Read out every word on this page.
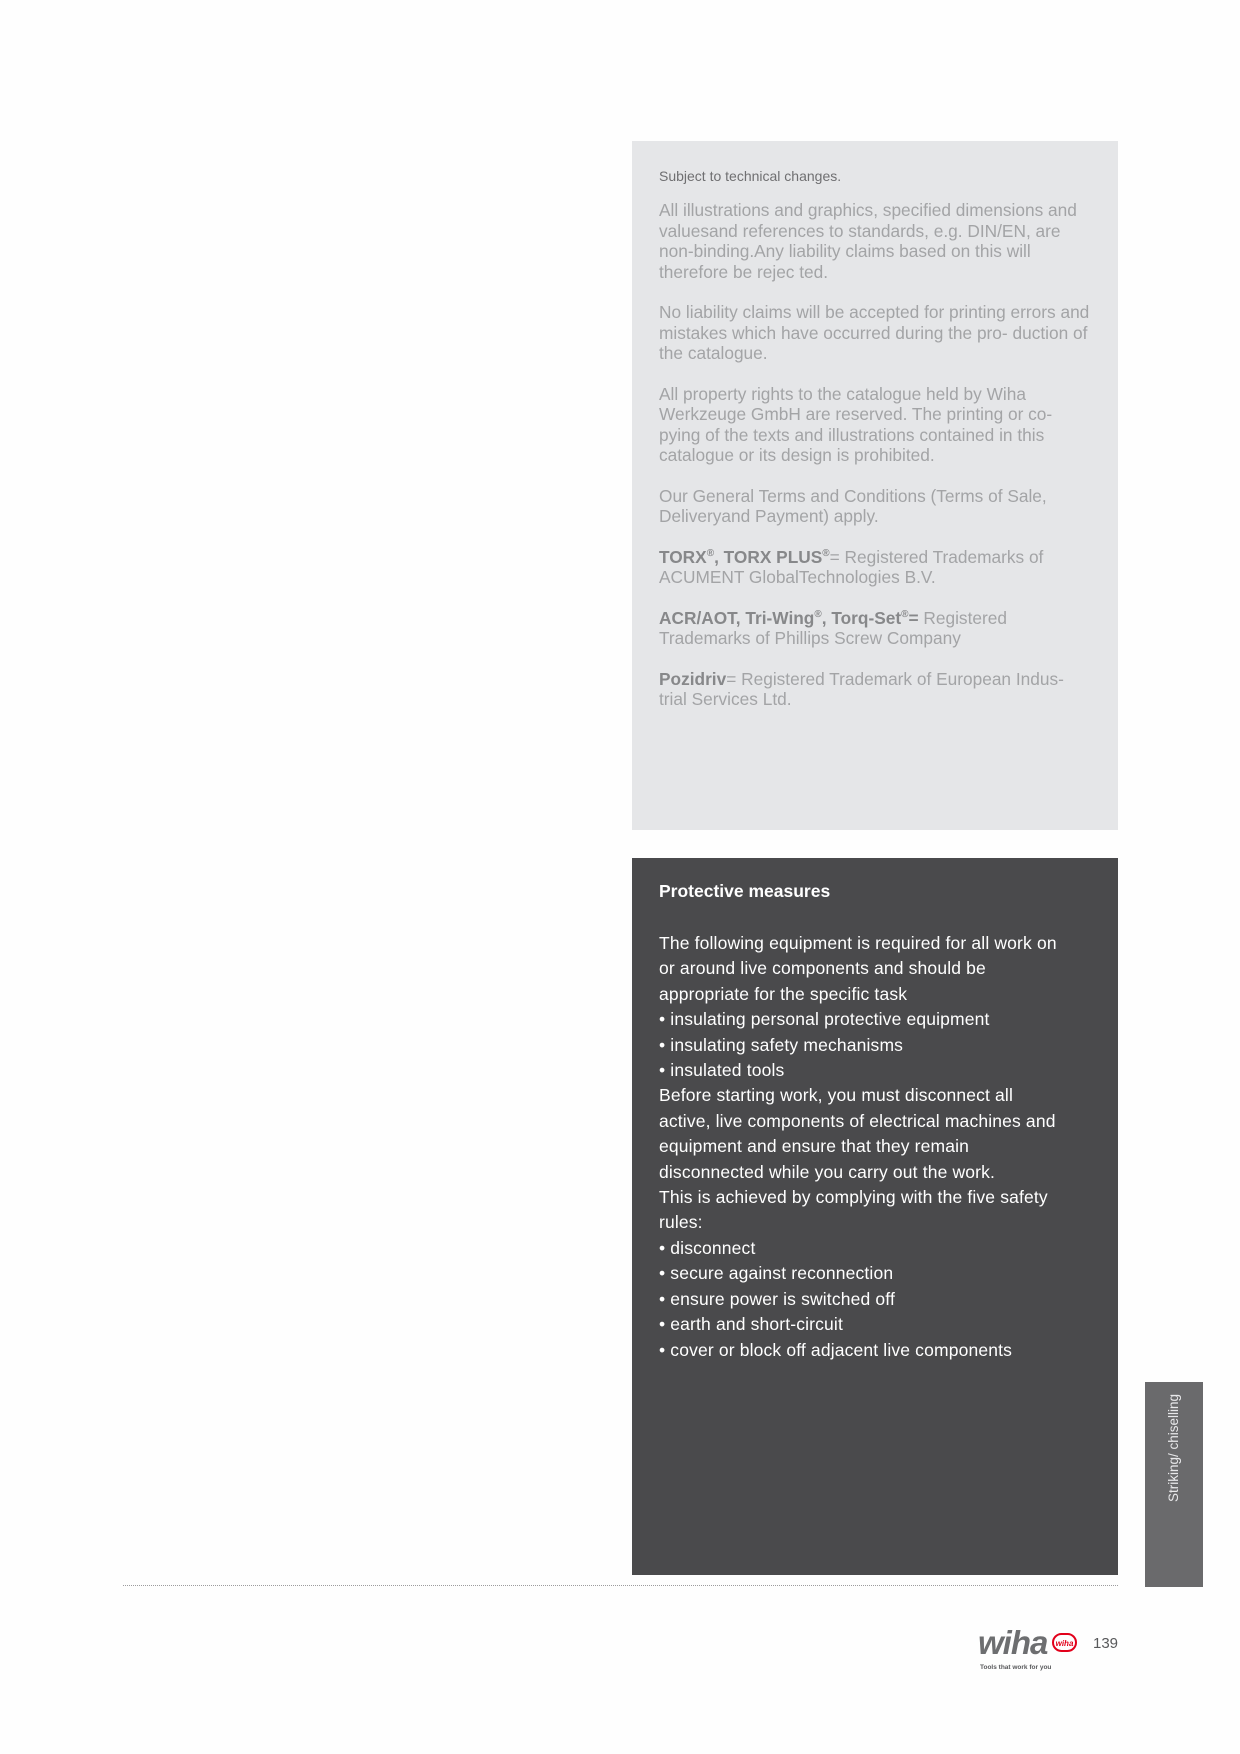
Subject to technical changes.

All illustrations and graphics, specified dimensions and valuesand references to standards, e.g. DIN/EN, are non-binding.Any liability claims based on this will therefore be rejec ted.

No liability claims will be accepted for printing errors and mistakes which have occurred during the pro- duction of the catalogue.

All property rights to the catalogue held by Wiha Werkzeuge GmbH are reserved. The printing or co- pying of the texts and illustrations contained in this catalogue or its design is prohibited.

Our General Terms and Conditions (Terms of Sale, Deliveryand Payment) apply.

TORX®, TORX PLUS®= Registered Trademarks of ACUMENT GlobalTechnologies B.V.

ACR/AOT, Tri-Wing®, Torq-Set®= Registered Trademarks of Phillips Screw Company

Pozidriv= Registered Trademark of European Indus- trial Services Ltd.

Protective measures
The following equipment is required for all work on
or around live components and should be
appropriate for the specific task
• insulating personal protective equipment
• insulating safety mechanisms
• insulated tools
Before starting work, you must disconnect all
active, live components of electrical machines and
equipment and ensure that they remain
disconnected while you carry out the work.
This is achieved by complying with the five safety
rules:
• disconnect
• secure against reconnection
• ensure power is switched off
• earth and short-circuit
• cover or block off adjacent live components
Striking/ chiselling
wiha wiha
Tools that work for you
139
